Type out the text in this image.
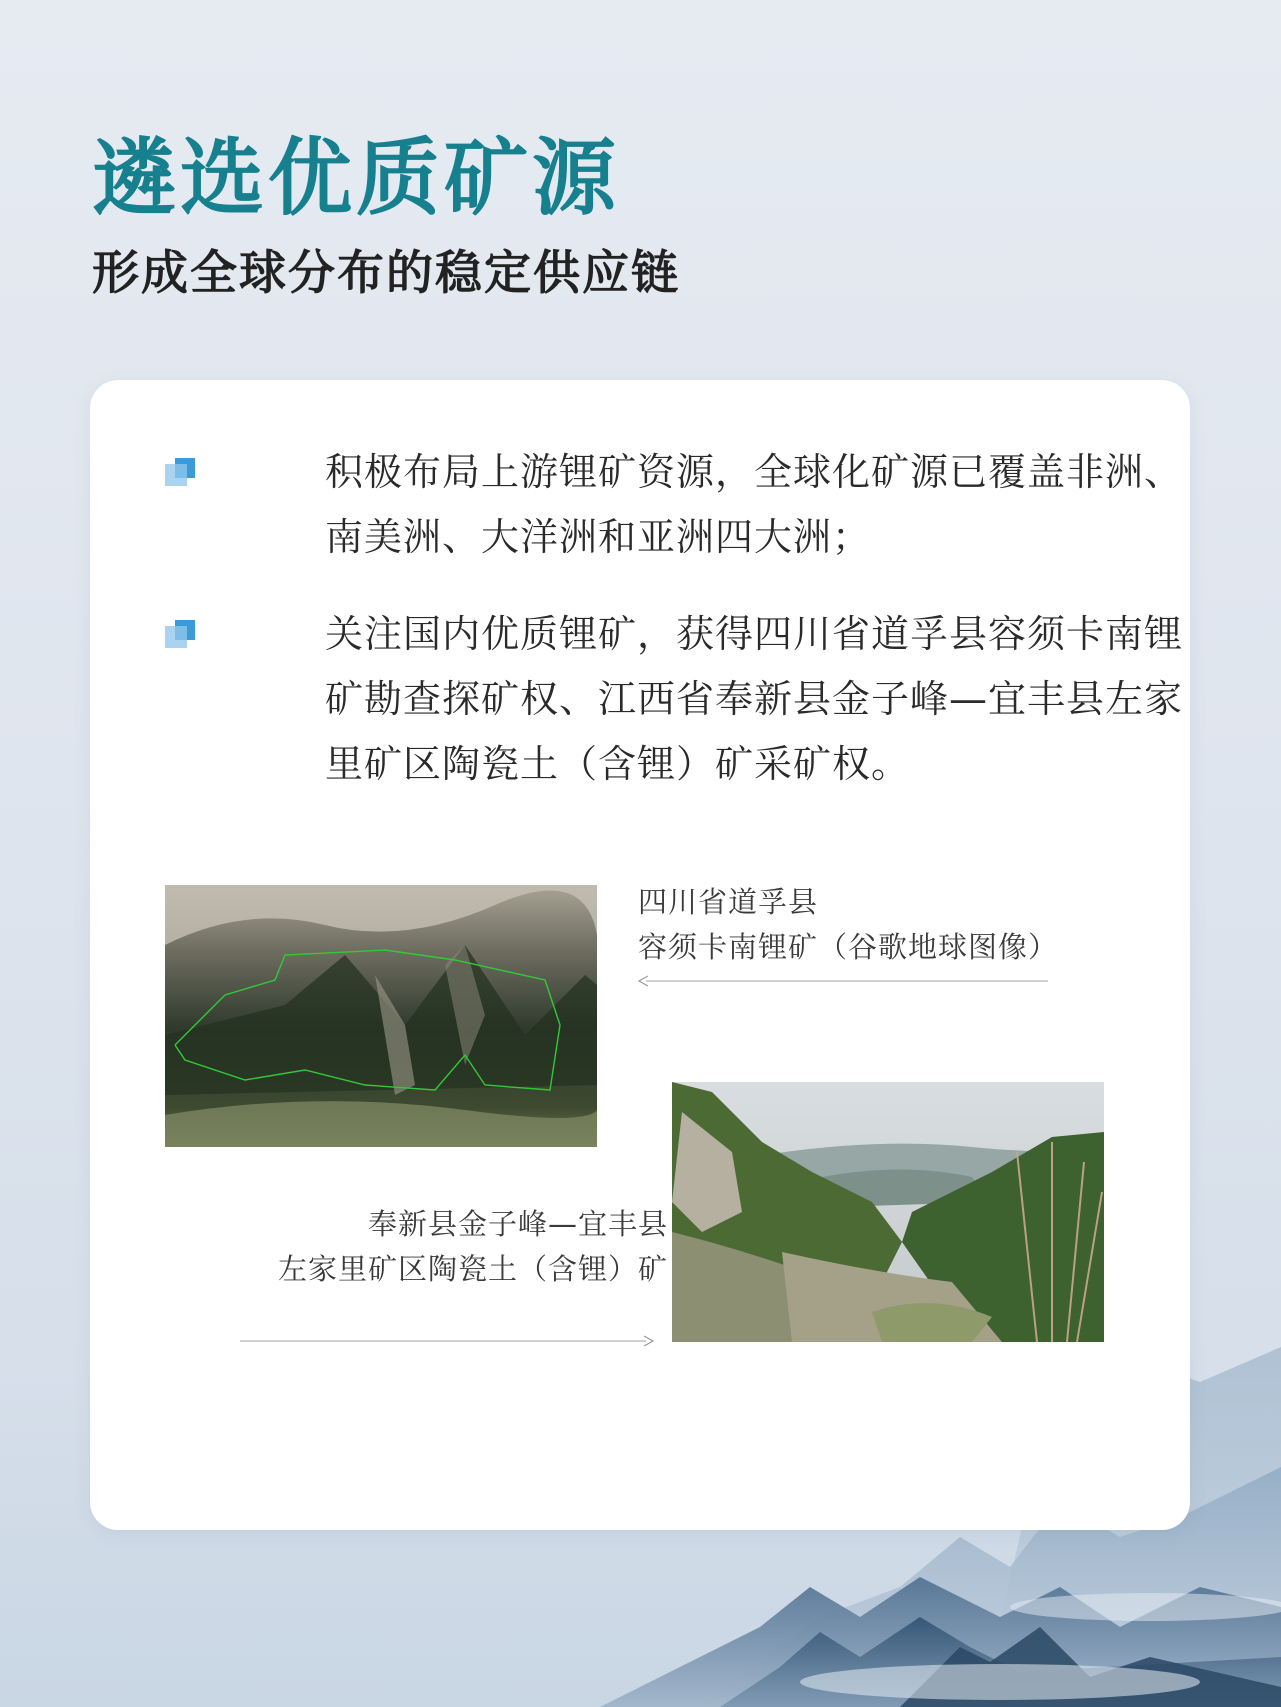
遴选优质矿源
形成全球分布的稳定供应链
积极布局上游锂矿资源，全球化矿源已覆盖非洲、南美洲、大洋洲和亚洲四大洲；
关注国内优质锂矿，获得四川省道孚县容须卡南锂矿勘查探矿权、江西省奉新县金子峰—宜丰县左家里矿区陶瓷土（含锂）矿采矿权。
四川省道孚县
容须卡南锂矿（谷歌地球图像）
奉新县金子峰—宜丰县
左家里矿区陶瓷土（含锂）矿
